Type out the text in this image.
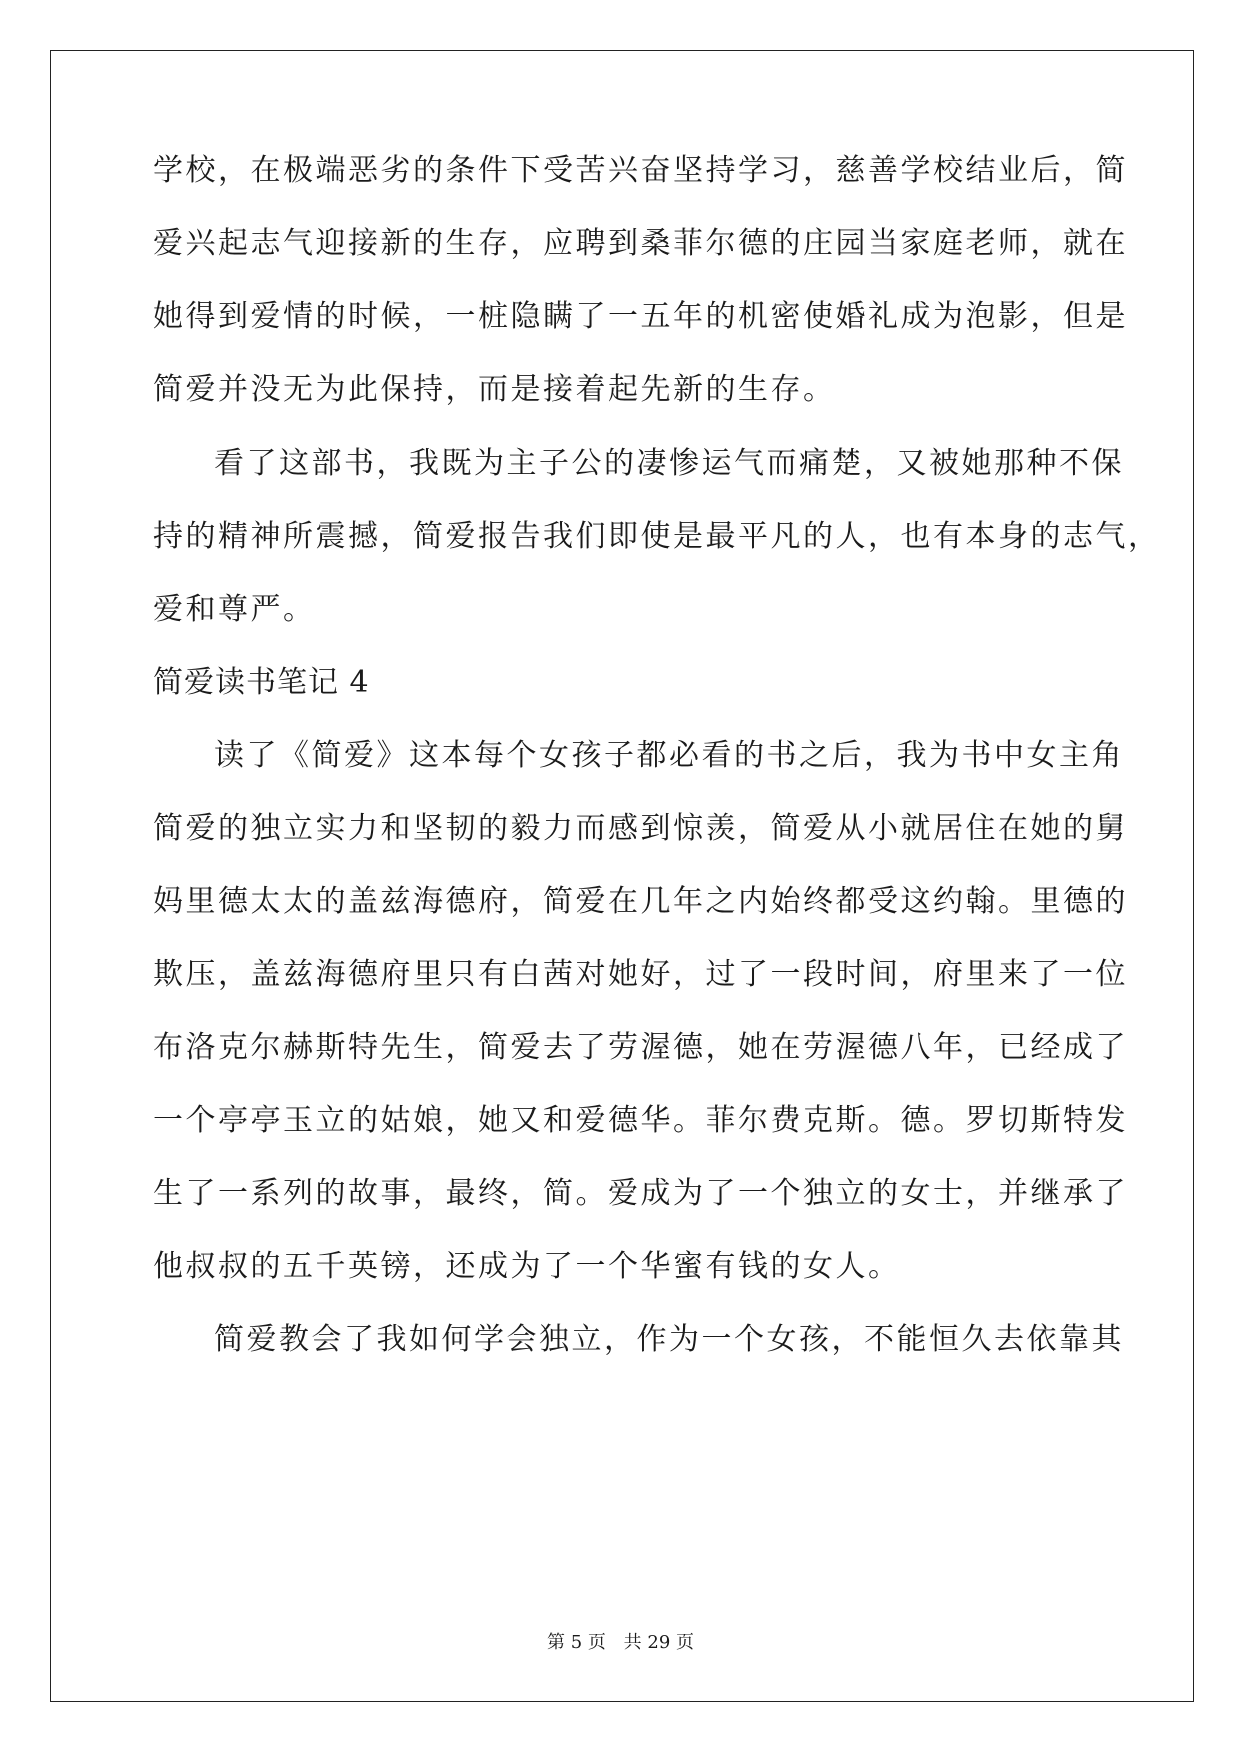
学校，在极端恶劣的条件下受苦兴奋坚持学习，慈善学校结业后，简
爱兴起志气迎接新的生存，应聘到桑菲尔德的庄园当家庭老师，就在
她得到爱情的时候，一桩隐瞒了一五年的机密使婚礼成为泡影，但是
简爱并没无为此保持，而是接着起先新的生存。
看了这部书，我既为主子公的凄惨运气而痛楚，又被她那种不保
持的精神所震撼，简爱报告我们即使是最平凡的人，也有本身的志气，
爱和尊严。
简爱读书笔记 4
读了《简爱》这本每个女孩子都必看的书之后，我为书中女主角
简爱的独立实力和坚韧的毅力而感到惊羡，简爱从小就居住在她的舅
妈里德太太的盖兹海德府，简爱在几年之内始终都受这约翰。里德的
欺压，盖兹海德府里只有白茜对她好，过了一段时间，府里来了一位
布洛克尔赫斯特先生，简爱去了劳渥德，她在劳渥德八年，已经成了
一个亭亭玉立的姑娘，她又和爱德华。菲尔费克斯。德。罗切斯特发
生了一系列的故事，最终，简。爱成为了一个独立的女士，并继承了
他叔叔的五千英镑，还成为了一个华蜜有钱的女人。
简爱教会了我如何学会独立，作为一个女孩，不能恒久去依靠其
第 5 页 共 29 页
